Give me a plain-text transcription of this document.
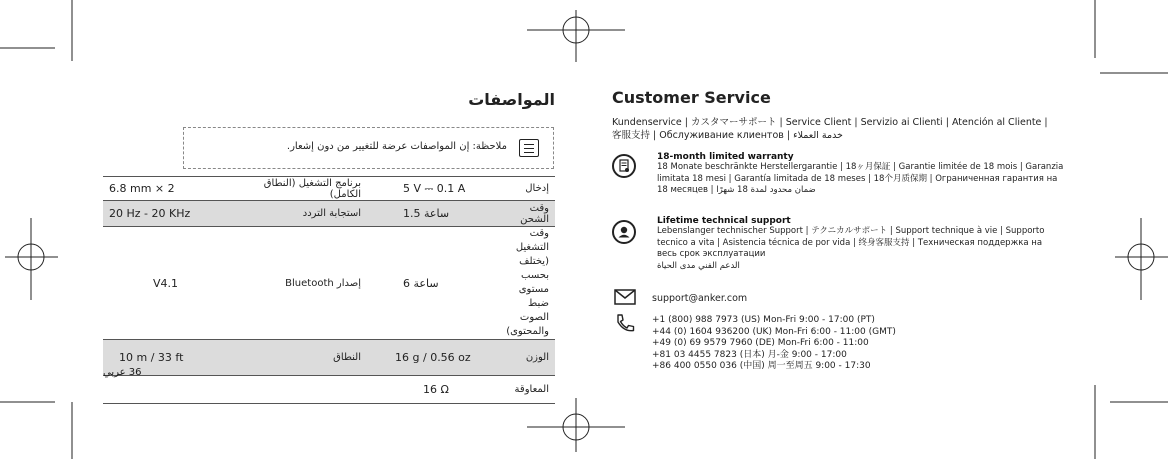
المواصفات
ملاحظة: إن المواصفات عرضة للتغيير من دون إشعار.
6.8 mm × 2	برنامج التشغيل (النطاق الكامل)	5 V ⎓ 0.1 A	إدخال
20 Hz - 20 KHz	استجابة التردد	1.5 ساعة	وقت الشحن
V4.1	إصدار Bluetooth	6 ساعة	وقت التشغيل (يختلف بحسب مستوى ضبط الصوت والمحتوى)
10 m / 33 ft	النطاق	16 g / 0.56 oz	الوزن
		16 Ω	المعاوقة
36 عربي
Customer Service
Kundenservice | カスタマーサポート | Service Client | Servizio ai Clienti | Atención al Cliente |
客服支持 | Обслуживание клиентов | خدمة العملاء
18-month limited warranty
18 Monate beschränkte Herstellergarantie | 18ヶ月保証 | Garantie limitée de 18 mois | Garanzia
limitata 18 mesi | Garantía limitada de 18 meses | 18个月质保期 | Ограниченная гарантия на
18 месяцев | ضمان محدود لمدة 18 شهرًا
Lifetime technical support
Lebenslanger technischer Support | テクニカルサポート | Support technique à vie | Supporto
tecnico a vita | Asistencia técnica de por vida | 终身客服支持 | Техническая поддержка на
весь срок эксплуатации
الدعم الفني مدى الحياة
support@anker.com
+1 (800) 988 7973 (US) Mon-Fri 9:00 - 17:00 (PT)
+44 (0) 1604 936200 (UK) Mon-Fri 6:00 - 11:00 (GMT)
+49 (0) 69 9579 7960 (DE) Mon-Fri 6:00 - 11:00
+81 03 4455 7823 (日本) 月-金 9:00 - 17:00
+86 400 0550 036 (中国) 周一至周五 9:00 - 17:30
